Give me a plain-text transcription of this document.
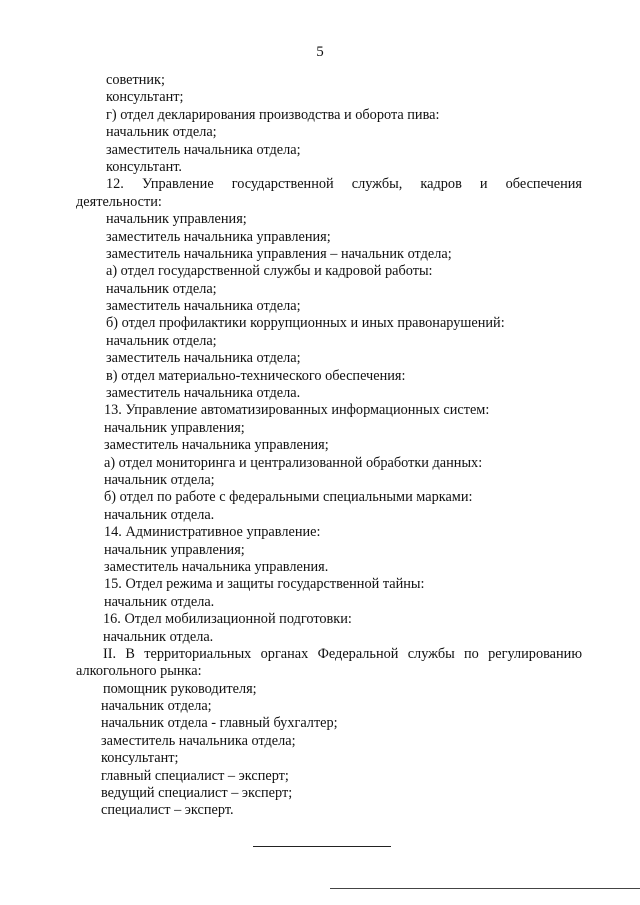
5
советник;
консультант;
г) отдел декларирования производства и оборота пива:
начальник отдела;
заместитель начальника отдела;
консультант.
12. Управление государственной службы, кадров и обеспечения
деятельности:
начальник управления;
заместитель начальника управления;
заместитель начальника управления – начальник отдела;
а) отдел государственной службы и кадровой работы:
начальник отдела;
заместитель начальника отдела;
б) отдел профилактики коррупционных и иных правонарушений:
начальник отдела;
заместитель начальника отдела;
в) отдел материально-технического обеспечения:
заместитель начальника отдела.
13. Управление автоматизированных информационных систем:
начальник управления;
заместитель начальника управления;
а) отдел мониторинга и централизованной обработки данных:
начальник отдела;
б) отдел по работе с федеральными специальными марками:
начальник отдела.
14. Административное управление:
начальник управления;
заместитель начальника управления.
15. Отдел режима и защиты государственной тайны:
начальник отдела.
16. Отдел мобилизационной подготовки:
начальник отдела.
II. В территориальных органах Федеральной службы по регулированию
алкогольного рынка:
помощник руководителя;
начальник отдела;
начальник отдела - главный бухгалтер;
заместитель начальника отдела;
консультант;
главный специалист – эксперт;
ведущий специалист – эксперт;
специалист – эксперт.
